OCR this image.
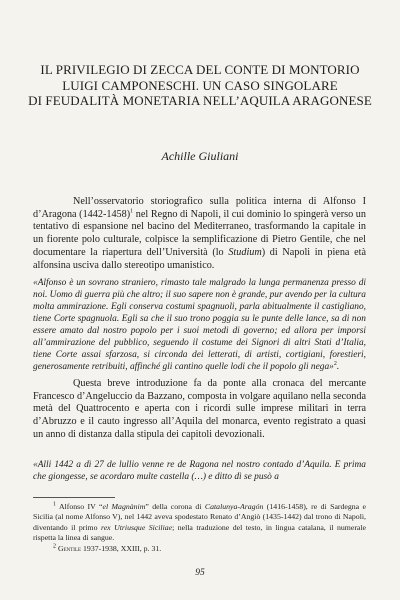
IL PRIVILEGIO DI ZECCA DEL CONTE DI MONTORIO
LUIGI CAMPONESCHI. UN CASO SINGOLARE
DI FEUDALITÀ MONETARIA NELL’AQUILA ARAGONESE
Achille Giuliani

Nell’osservatorio storiografico sulla politica interna di Alfonso I d’Aragona (1442-1458)$^1$ nel Regno di Napoli, il cui dominio lo spingerà verso un tentativo di espansione nel bacino del Mediterraneo, trasformando la capitale in un fiorente polo culturale, colpisce la semplificazione di Pietro Gentile, che nel documentare la riapertura dell’Università (lo Studium) di Napoli in piena età alfonsina usciva dallo stereotipo umanistico.

«Alfonso è un sovrano straniero, rimasto tale malgrado la lunga permanenza presso di noi. Uomo di guerra più che altro; il suo sapere non è grande, pur avendo per la cultura molta ammirazione. Egli conserva costumi spagnuoli, parla abitualmente il castigliano, tiene Corte spagnuola. Egli sa che il suo trono poggia su le punte delle lance, sa di non essere amato dal nostro popolo per i suoi metodi di governo; ed allora per imporsi all’ammirazione del pubblico, seguendo il costume dei Signori di altri Stati d’Italia, tiene Corte assai sfarzosa, si circonda dei letterati, di artisti, cortigiani, forestieri, generosamente retribuiti, affinché gli cantino quelle lodi che il popolo gli nega»$^2$.

Questa breve introduzione fa da ponte alla cronaca del mercante Francesco d’Angeluccio da Bazzano, composta in volgare aquilano nella seconda metà del Quattrocento e aperta con i ricordi sulle imprese militari in terra d’Abruzzo e il cauto ingresso all’Aquila del monarca, evento registrato a quasi un anno di distanza dalla stipula dei capitoli devozionali.

«Alli 1442 a dì 27 de lullio venne re de Ragona nel nostro contado d’Aquila. E prima che giongesse, se acordaro multe castella (…) e ditto dì se pusò a

$^1$ Alfonso IV “el Magnànim” della corona di Catalunya-Aragón (1416-1458), re di Sardegna e Sicilia (al nome Alfonso V), nel 1442 aveva spodestato Renato d’Angiò (1435-1442) dal trono di Napoli, diventando il primo rex Utriusque Siciliae; nella traduzione del testo, in lingua catalana, il numerale rispetta la linea di sangue.

$^2$ Gentile 1937-1938, XXIII, p. 31.

95
